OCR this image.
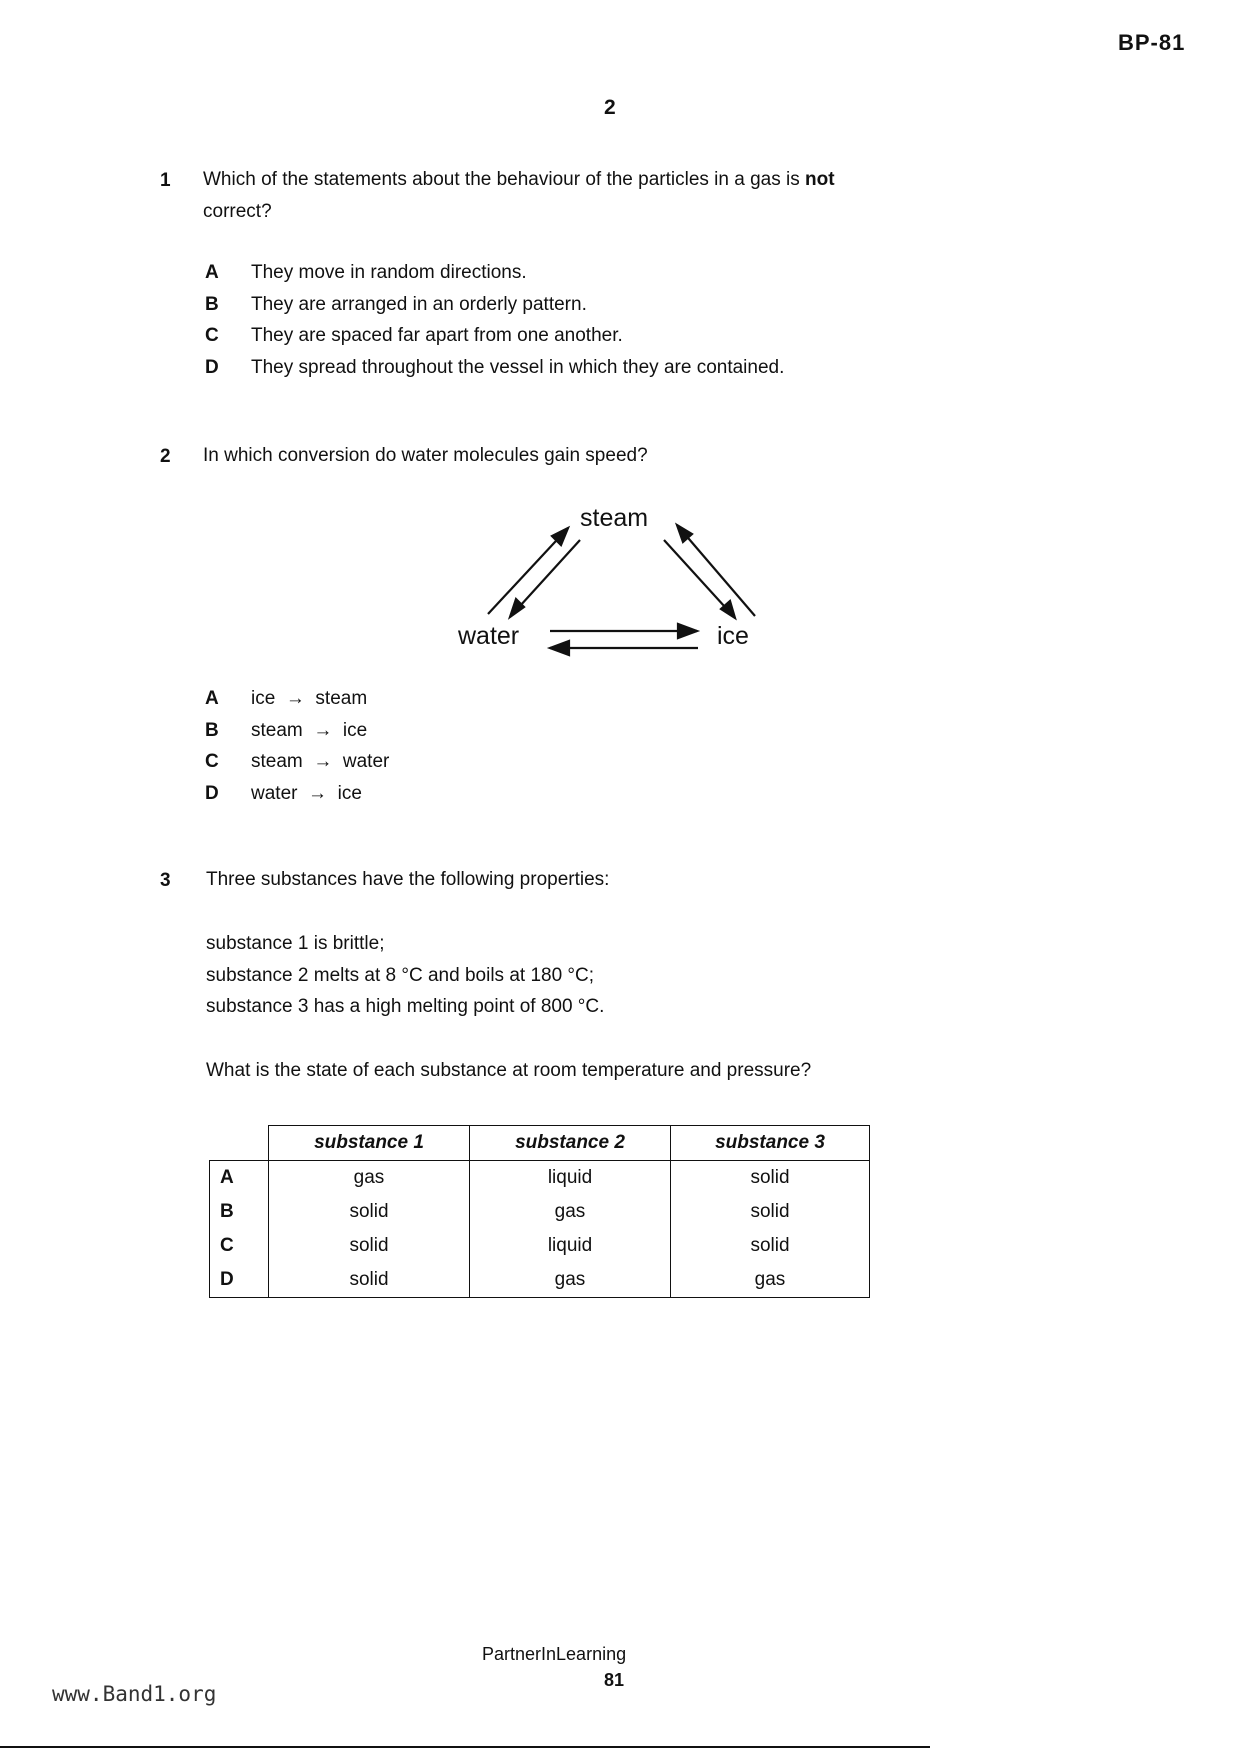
BP-81
2
1 Which of the statements about the behaviour of the particles in a gas is not
correct?
A They move in random directions.
B They are arranged in an orderly pattern.
C They are spaced far apart from one another.
D They spread throughout the vessel in which they are contained.
2 In which conversion do water molecules gain speed?
steam
water	ice
A ice → steam
B steam → ice
C steam → water
D water → ice
3 Three substances have the following properties:
substance 1 is brittle;
substance 2 melts at 8 °C and boils at 180 °C;
substance 3 has a high melting point of 800 °C.
What is the state of each substance at room temperature and pressure?
	substance 1	substance 2	substance 3
A	gas	liquid	solid
B	solid	gas	solid
C	solid	liquid	solid
D	solid	gas	gas
PartnerInLearning
81
www.Band1.org
